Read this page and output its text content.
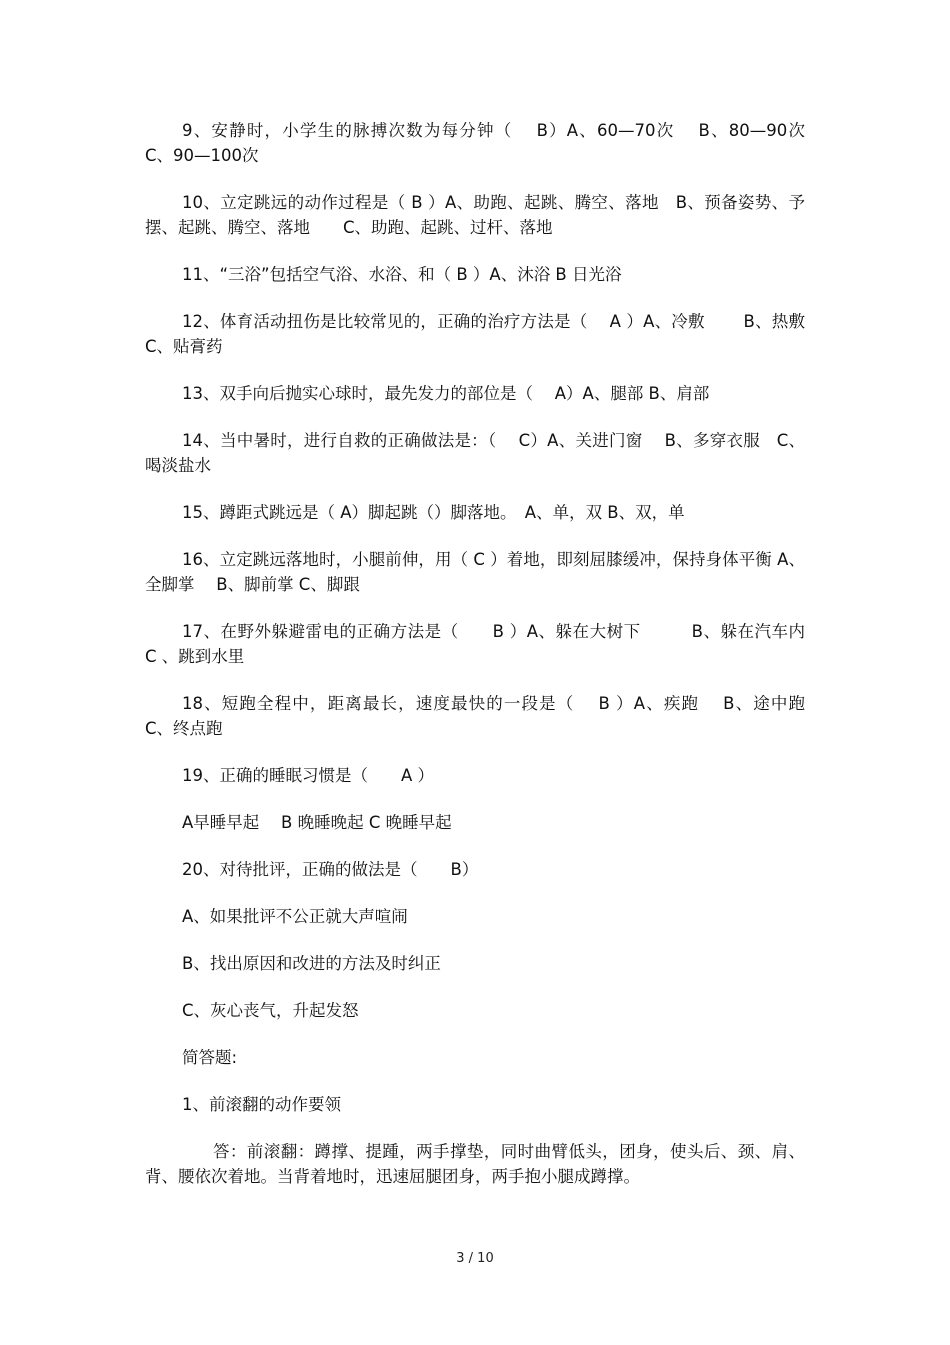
9、安静时，小学生的脉搏次数为每分钟（　 B）A、60—70次　 B、80—90次　C、90—100次

10、立定跳远的动作过程是（ B ）A、助跑、起跳、腾空、落地　B、预备姿势、予摆、起跳、腾空、落地　　C、助跑、起跳、过杆、落地

11、“三浴”包括空气浴、水浴、和（ B ）A、沐浴 B 日光浴

12、体育活动扭伤是比较常见的，正确的治疗方法是（　 A ）A、冷敷　　 B、热敷　　 C、贴膏药

13、双手向后抛实心球时，最先发力的部位是（　 A）A、腿部 B、肩部

14、当中暑时，进行自救的正确做法是：（　 C）A、关进门窗　 B、多穿衣服　C、喝淡盐水

15、蹲距式跳远是（ A）脚起跳（）脚落地。　A、单，双 B、双，单

16、立定跳远落地时，小腿前伸，用（ C ）着地，即刻屈膝缓冲，保持身体平衡 A、全脚掌　 B、脚前掌 C、脚跟

17、在野外躲避雷电的正确方法是（　　B ）A、躲在大树下　　　B、躲在汽车内　C 、跳到水里

18、短跑全程中，距离最长，速度最快的一段是（　 B ）A、疾跑　 B、途中跑　C、终点跑

19、正确的睡眠习惯是（　　A ）

A早睡早起　 B 晚睡晚起 C 晚睡早起

20、对待批评，正确的做法是（　　B）

A、如果批评不公正就大声喧闹

B、找出原因和改进的方法及时纠正

C、灰心丧气，升起发怒

简答题:

1、前滚翻的动作要领

答：前滚翻：蹲撑、提踵，两手撑垫，同时曲臂低头，团身，使头后、颈、肩、背、腰依次着地。当背着地时，迅速屈腿团身，两手抱小腿成蹲撑。

3 / 10
